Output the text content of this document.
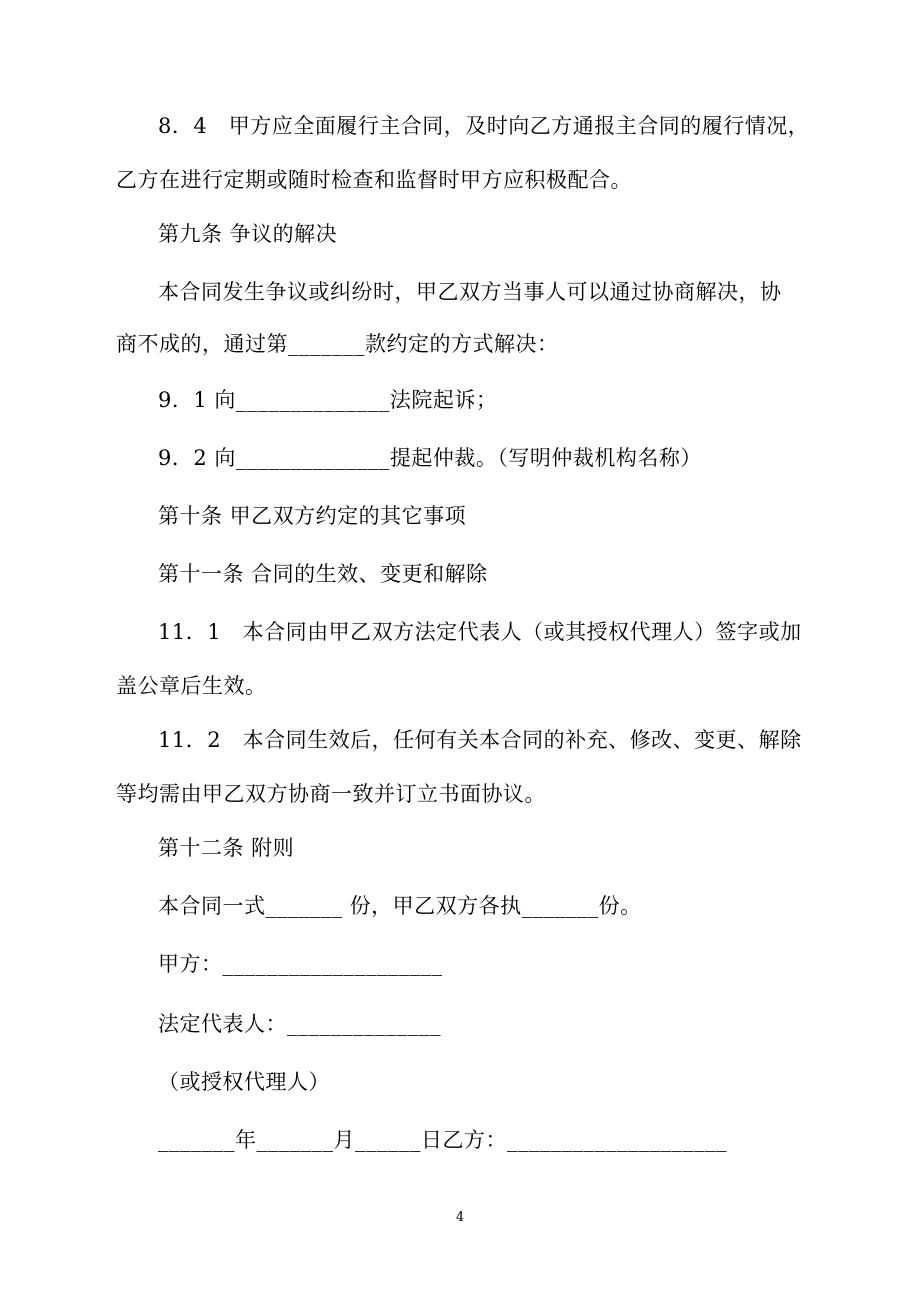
8．4　甲方应全面履行主合同，及时向乙方通报主合同的履行情况，
乙方在进行定期或随时检查和监督时甲方应积极配合。
第九条 争议的解决
本合同发生争议或纠纷时，甲乙双方当事人可以通过协商解决，协
商不成的，通过第_______款约定的方式解决：
9．1 向______________法院起诉；
9．2 向______________提起仲裁。（写明仲裁机构名称）
第十条 甲乙双方约定的其它事项
第十一条 合同的生效、变更和解除
11．1　本合同由甲乙双方法定代表人（或其授权代理人）签字或加
盖公章后生效。
11．2　本合同生效后，任何有关本合同的补充、修改、变更、解除
等均需由甲乙双方协商一致并订立书面协议。
第十二条 附则
本合同一式_______ 份，甲乙双方各执_______份。
甲方：____________________
法定代表人：______________
（或授权代理人）
_______年_______月______日乙方：____________________
4
